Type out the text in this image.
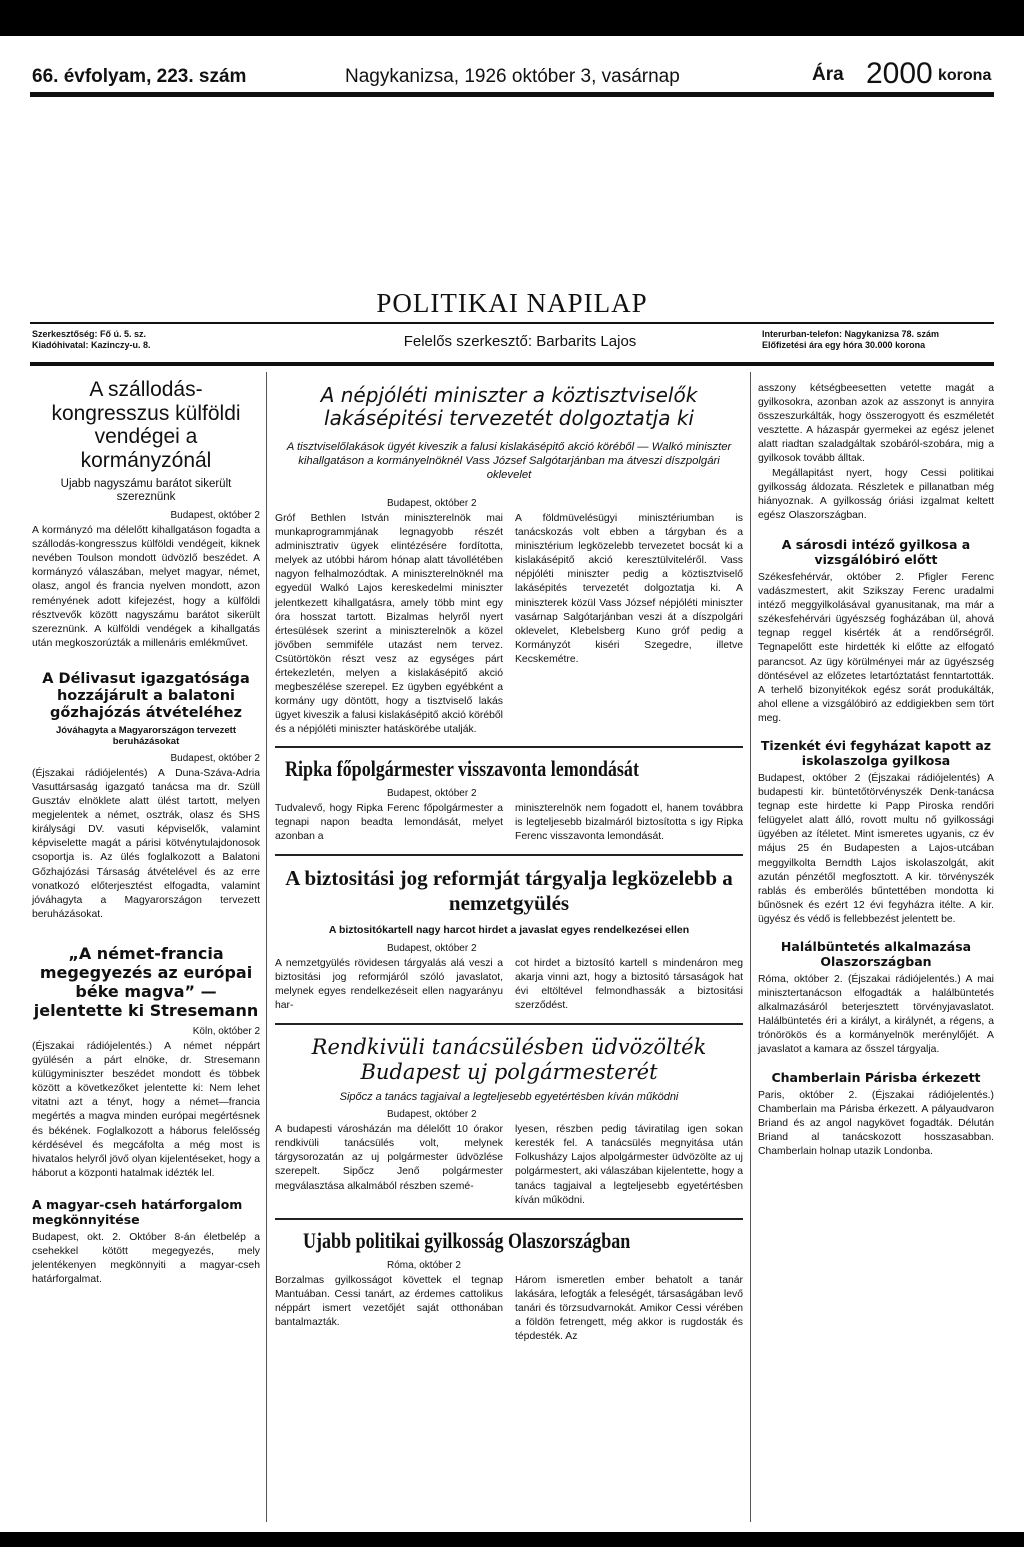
66. évfolyam, 223. szám	Nagykanizsa, 1926 október 3, vasárnap	Ára 2000 korona
POLITIKAI NAPILAP
Szerkesztőség: Fő ú. 5. sz.
Kiadóhivatal: Kazinczy-u. 8.	Felelős szerkesztő: Barbarits Lajos	Interurban-telefon: Nagykanizsa 78. szám
Előfizetési ára egy hóra 30.000 korona
A szállodás-kongresszus külföldi vendégei a kormányzónál
Ujabb nagyszámu barátot sikerült szereznünk
Budapest, október 2

A kormányzó ma délelőtt kihallgatáson fogadta a szállodás-kongresszus külföldi vendégeit, kiknek nevében Toulson mondott üdvözlő beszédet. A kormányzó válaszában, melyet magyar, német, olasz, angol és francia nyelven mondott, azon reményének adott kifejezést, hogy a külföldi résztvevők között nagyszámu barátot sikerült szereznünk. A külföldi vendégek a kihallgatás után megkoszorúzták a millenáris emlékművet.

A Délivasut igazgatósága hozzájárult a balatoni gőzhajózás átvételéhez
Jóváhagyta a Magyarországon tervezett beruházásokat
Budapest, október 2

(Éjszakai rádiójelentés) A Duna-Száva-Adria Vasuttársaság igazgató tanácsa ma dr. Szüll Gusztáv elnöklete alatt ülést tartott, melyen megjelentek a német, osztrák, olasz és SHS királysági DV. vasuti képviselők, valamint képviselette magát a párisi kötvénytulajdonosok csoportja is. Az ülés foglalkozott a Balatoni Gőzhajózási Társaság átvételével és az erre vonatkozó előterjesztést elfogadta, valamint jóváhagyta a Magyarországon tervezett beruházásokat.

„A német-francia megegyezés az európai béke magva” — jelentette ki Stresemann
Köln, október 2

(Éjszakai rádiójelentés.) A német néppárt gyülésén a párt elnöke, dr. Stresemann külügyminiszter beszédet mondott és többek között a következőket jelentette ki: Nem lehet vitatni azt a tényt, hogy a német—francia megértés a magva minden európai megértésnek és békének. Foglalkozott a háborus felelősség kérdésével és megcáfolta a még most is hivatalos helyről jövő olyan kijelentéseket, hogy a háborut a központi hatalmak idézték lel.

A magyar-cseh határforgalom megkönnyitése

Budapest, okt. 2. Október 8-án életbelép a csehekkel kötött megegyezés, mely jelentékenyen megkönnyiti a magyar-cseh határforgalmat.

A népjóléti miniszter a köztisztviselők lakásépitési tervezetét dolgoztatja ki
A tisztviselőlakások ügyét kiveszik a falusi kislakásépitő akció köréből — Walkó miniszter kihallgatáson a kormányelnöknél Vass József Salgótarjánban ma átveszi díszpolgári oklevelet
Budapest, október 2

Gróf Bethlen István miniszterelnök mai munkaprogrammjának legnagyobb részét adminisztrativ ügyek elintézésére fordította, melyek az utóbbi három hónap alatt távollétében nagyon felhalmozódtak. A miniszterelnöknél ma egyedül Walkó Lajos kereskedelmi miniszter jelentkezett kihallgatásra, amely több mint egy óra hosszat tartott. Bizalmas helyről nyert értesülések szerint a miniszterelnök a közel jövőben semmiféle utazást nem tervez. Csütörtökön részt vesz az egységes párt értekezletén, melyen a kislakásépitő akció megbeszélése szerepel. Ez ügyben egyébként a kormány ugy döntött, hogy a tisztviselő lakás ügyet kiveszik a falusi kislakásépitő akció köréből és a népjóléti miniszter hatáskörébe utalják.

A földmüvelésügyi minisztériumban is tanácskozás volt ebben a tárgyban és a minisztérium legközelebb tervezetet bocsát ki a kislakásépitő akció keresztülviteléről. Vass népjóléti miniszter pedig a köztisztviselő lakásépités tervezetét dolgoztatja ki. A miniszterek közül Vass József népjóléti miniszter vasárnap Salgótarjánban veszi át a díszpolgári oklevelet, Klebelsberg Kuno gróf pedig a Kormányzót kiséri Szegedre, illetve Kecskemétre.

Ripka főpolgármester visszavonta lemondását
Budapest, október 2

Tudvalevő, hogy Ripka Ferenc főpolgármester a tegnapi napon beadta lemondását, melyet azonban a

miniszterelnök nem fogadott el, hanem továbbra is legteljesebb bizalmáról biztosította s igy Ripka Ferenc visszavonta lemondását.

A biztositási jog reformját tárgyalja legközelebb a nemzetgyülés
A biztositókartell nagy harcot hirdet a javaslat egyes rendelkezései ellen
Budapest, október 2

A nemzetgyülés rövidesen tárgyalás alá veszi a biztositási jog reformjáról szóló javaslatot, melynek egyes rendelkezéseit ellen nagyarányu har-

cot hirdet a biztosító kartell s mindenáron meg akarja vinni azt, hogy a biztositó társaságok hat évi eltöltével felmondhassák a biztositási szerződést.

Rendkivüli tanácsülésben üdvözölték Budapest uj polgármesterét
Sipőcz a tanács tagjaival a legteljesebb egyetértésben kíván működni
Budapest, október 2

A budapesti városházán ma délelőtt 10 órakor rendkivüli tanácsülés volt, melynek tárgysorozatán az uj polgármester üdvözlése szerepelt. Sipőcz Jenő polgármester megválasztása alkalmából részben szemé-

lyesen, részben pedig táviratilag igen sokan keresték fel. A tanácsülés megnyitása után Folkusházy Lajos alpolgármester üdvözölte az uj polgármestert, aki válaszában kijelentette, hogy a tanács tagjaival a legteljesebb egyetértésben kíván működni.

Ujabb politikai gyilkosság Olaszországban
Róma, október 2

Borzalmas gyilkosságot követtek el tegnap Mantuában. Cessi tanárt, az érdemes cattolikus néppárt ismert vezetőjét saját otthonában bantalmazták.

Három ismeretlen ember behatolt a tanár lakására, lefogták a feleségét, társaságában levő tanári és törzsudvarnokát. Amikor Cessi vérében a földön fetrengett, még akkor is rugdosták és tépdesték. Az

asszony kétségbeesetten vetette magát a gyilkosokra, azonban azok az asszonyt is annyira összeszurkálták, hogy összerogyott és eszméletét vesztette. A házaspár gyermekei az egész jelenet alatt riadtan szaladgáltak szobáról-szobára, mig a gyilkosok tovább álltak.

Megállapitást nyert, hogy Cessi politikai gyilkosság áldozata. Részletek e pillanatban még hiányoznak. A gyilkosság óriási izgalmat keltett egész Olaszországban.

A sárosdi intéző gyilkosa a vizsgálóbiró előtt

Székesfehérvár, október 2. Pfigler Ferenc vadászmestert, akit Szikszay Ferenc uradalmi intéző meggyilkolásával gyanusitanak, ma már a székesfehérvári ügyészség fogházában ül, ahová tegnap reggel kisérték át a rendőrségről. Tegnapelőtt este hirdették ki előtte az elfogató parancsot. Az ügy körülményei már az ügyészség döntésével az előzetes letartóztatást fenntartották. A terhelő bizonyitékok egész sorát produkálták, ahol ellene a vizsgálóbiró az eddigiekben sem tört meg.

Tizenkét évi fegyházat kapott az iskolaszolga gyilkosa

Budapest, október 2 (Éjszakai rádiójelentés) A budapesti kir. büntetőtörvényszék Denk-tanácsa tegnap este hirdette ki Papp Piroska rendőri felügyelet alatt álló, rovott multu nő gyilkossági ügyében az ítéletet. Mint ismeretes ugyanis, cz év május 25 én Budapesten a Lajos-utcában meggyilkolta Berndth Lajos iskolaszolgát, akit azután pénzétől megfosztott. A kir. törvényszék rablás és emberölés bűntettében mondotta ki bűnösnek és ezért 12 évi fegyházra itélte. A kir. ügyész és védő is fellebbezést jelentett be.

Halálbüntetés alkalmazása Olaszországban

Róma, október 2. (Éjszakai rádiójelentés.) A mai minisztertanácson elfogadták a halálbüntetés alkalmazásáról beterjesztett törvényjavaslatot. Halálbüntetés éri a királyt, a királynét, a régens, a trónörökös és a kormányelnök merénylőjét. A javaslatot a kamara az ősszel tárgyalja.

Chamberlain Párisba érkezett

Paris, október 2. (Éjszakai rádiójelentés.) Chamberlain ma Párisba érkezett. A pályaudvaron Briand és az angol nagykövet fogadták. Délután Briand al tanácskozott hosszasabban. Chamberlain holnap utazik Londonba.
